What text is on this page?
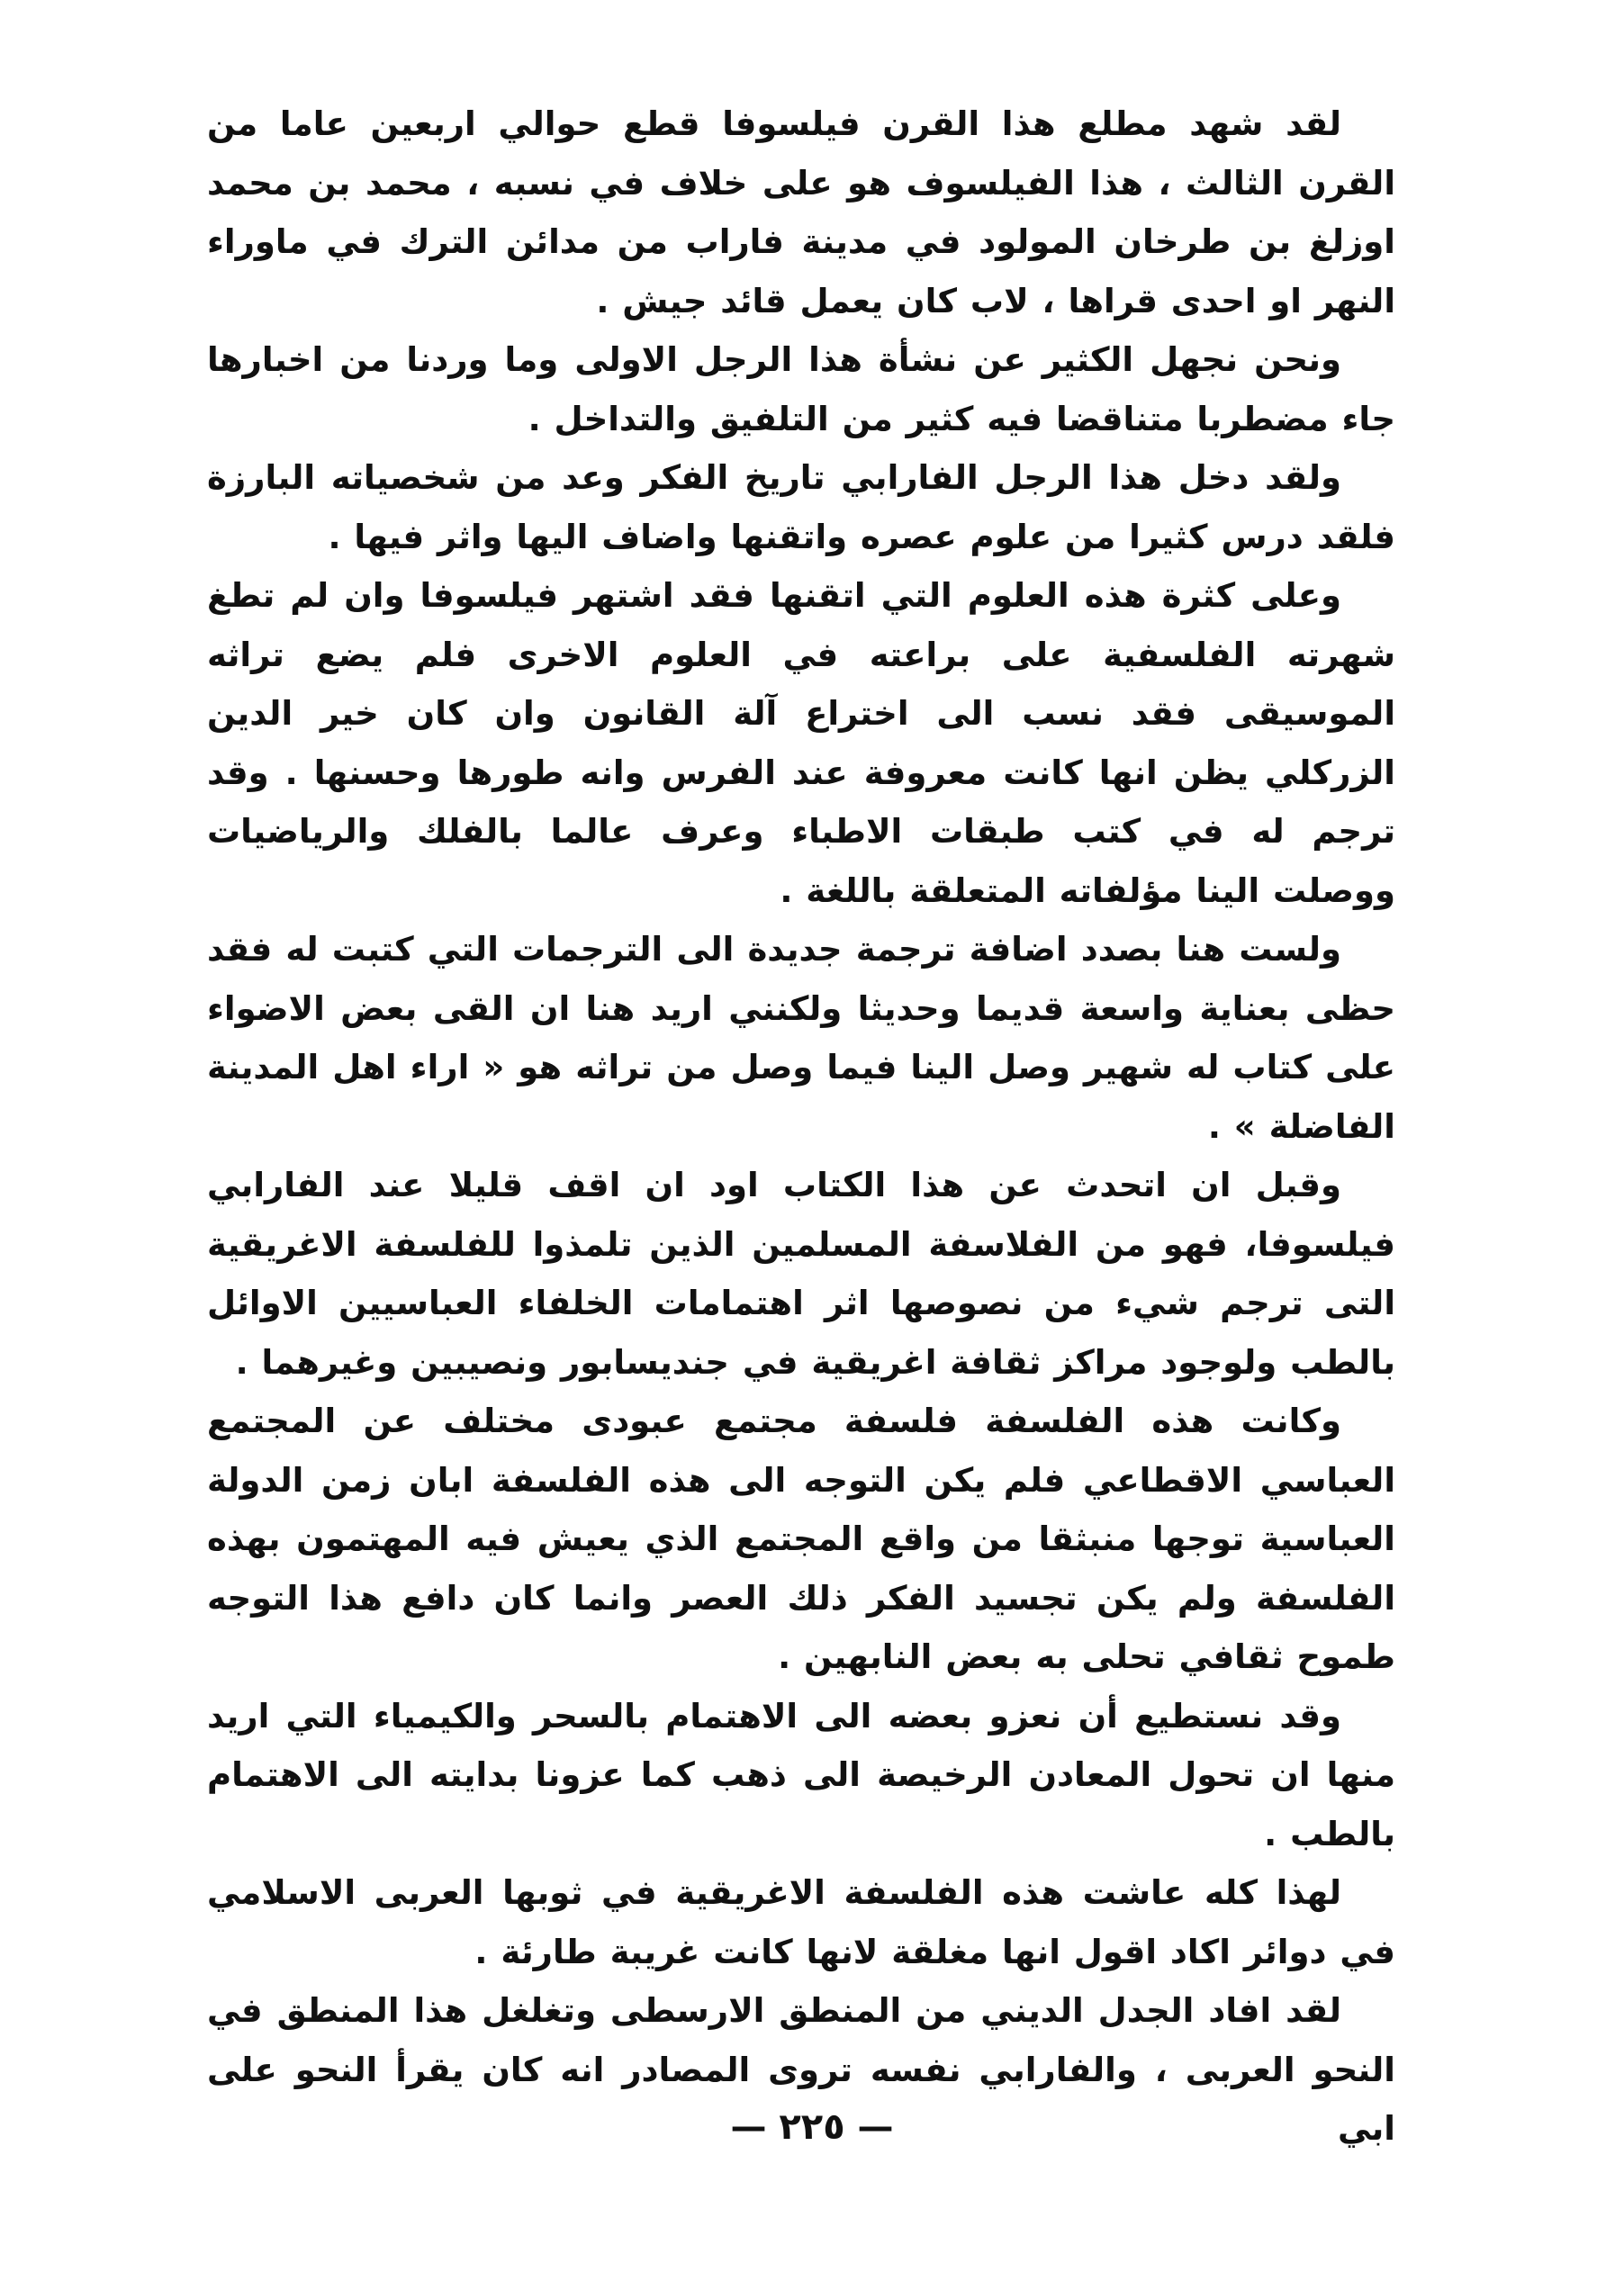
لقد شهد مطلع هذا القرن فيلسوفا قطع حوالي اربعين عاما من القرن الثالث ، هذا الفيلسوف هو على خلاف في نسبه ، محمد بن محمد اوزلغ بن طرخان المولود في مدينة فاراب من مدائن الترك في ماوراء النهر او احدى قراها ، لاب كان يعمل قائد جيش .

ونحن نجهل الكثير عن نشأة هذا الرجل الاولى وما وردنا من اخبارها جاء مضطربا متناقضا فيه كثير من التلفيق والتداخل .

ولقد دخل هذا الرجل الفارابي تاريخ الفكر وعد من شخصياته البارزة فلقد درس كثيرا من علوم عصره واتقنها واضاف اليها واثر فيها .

وعلى كثرة هذه العلوم التي اتقنها فقد اشتهر فيلسوفا وان لم تطغ شهرته الفلسفية على براعته في العلوم الاخرى فلم يضع تراثه الموسيقى فقد نسب الى اختراع آلة القانون وان كان خير الدين الزركلي يظن انها كانت معروفة عند الفرس وانه طورها وحسنها . وقد ترجم له في كتب طبقات الاطباء وعرف عالما بالفلك والرياضيات ووصلت الينا مؤلفاته المتعلقة باللغة .

ولست هنا بصدد اضافة ترجمة جديدة الى الترجمات التي كتبت له فقد حظى بعناية واسعة قديما وحديثا ولكنني اريد هنا ان القى بعض الاضواء على كتاب له شهير وصل الينا فيما وصل من تراثه هو « اراء اهل المدينة الفاضلة » .

وقبل ان اتحدث عن هذا الكتاب اود ان اقف قليلا عند الفارابي فيلسوفا، فهو من الفلاسفة المسلمين الذين تلمذوا للفلسفة الاغريقية التى ترجم شيء من نصوصها اثر اهتمامات الخلفاء العباسيين الاوائل بالطب ولوجود مراكز ثقافة اغريقية في جنديسابور ونصيبين وغيرهما .

وكانت هذه الفلسفة فلسفة مجتمع عبودى مختلف عن المجتمع العباسي الاقطاعي فلم يكن التوجه الى هذه الفلسفة ابان زمن الدولة العباسية توجها منبثقا من واقع المجتمع الذي يعيش فيه المهتمون بهذه الفلسفة ولم يكن تجسيد الفكر ذلك العصر وانما كان دافع هذا التوجه طموح ثقافي تحلى به بعض النابهين .

وقد نستطيع أن نعزو بعضه الى الاهتمام بالسحر والكيمياء التي اريد منها ان تحول المعادن الرخيصة الى ذهب كما عزونا بدايته الى الاهتمام بالطب .

لهذا كله عاشت هذه الفلسفة الاغريقية في ثوبها العربى الاسلامي في دوائر اكاد اقول انها مغلقة لانها كانت غريبة طارئة .

لقد افاد الجدل الديني من المنطق الارسطى وتغلغل هذا المنطق في النحو العربى ، والفارابي نفسه تروى المصادر انه كان يقرأ النحو على ابي

— ٢٢٥ —
